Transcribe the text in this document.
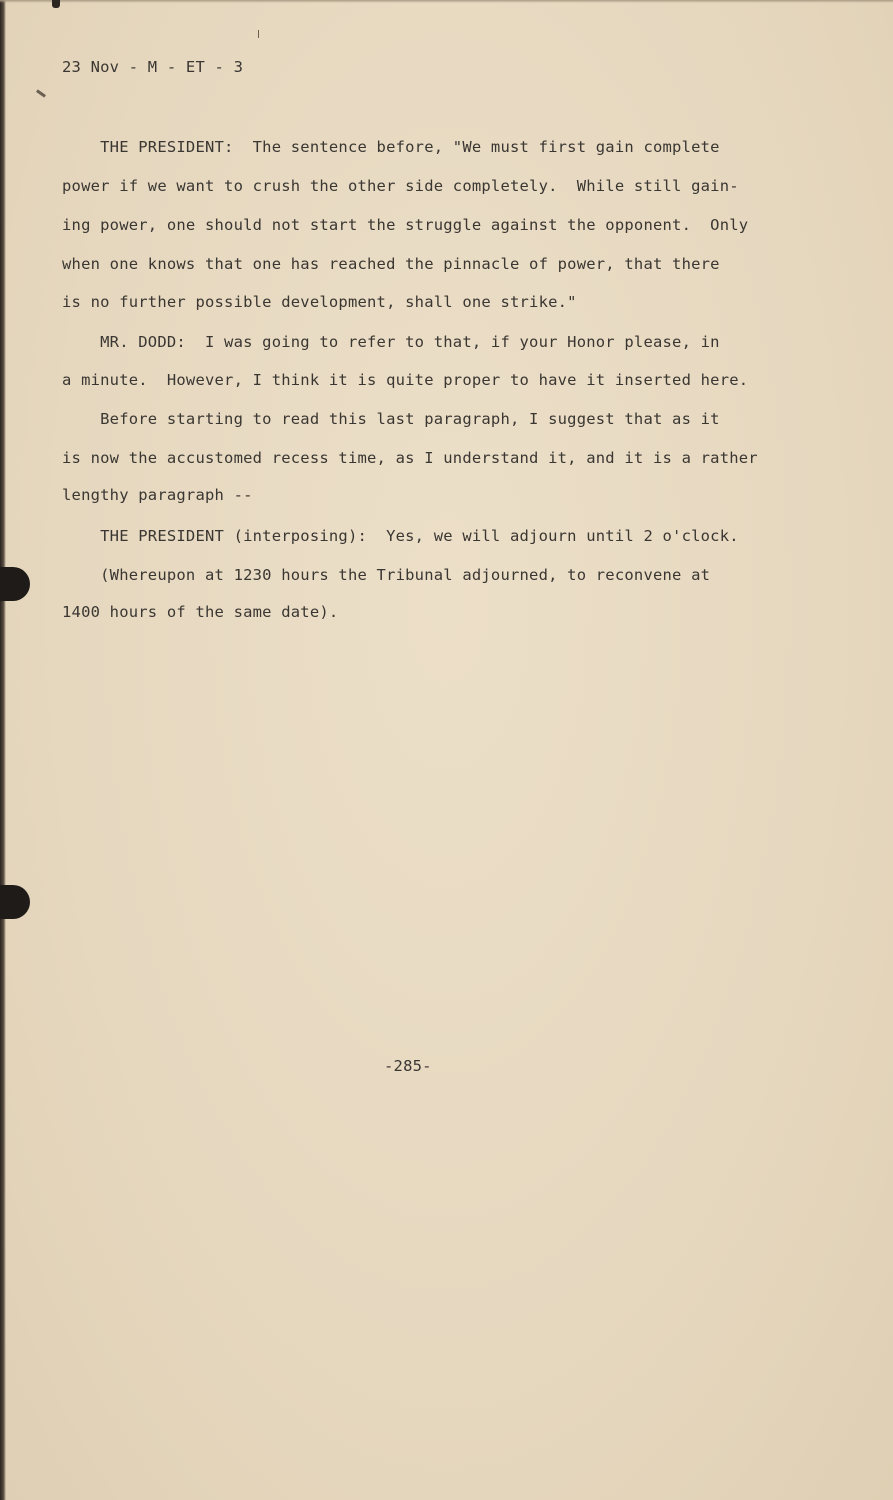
23 Nov - M - ET - 3
THE PRESIDENT:  The sentence before, "We must first gain complete
power if we want to crush the other side completely.  While still gain-
ing power, one should not start the struggle against the opponent.  Only
when one knows that one has reached the pinnacle of power, that there
is no further possible development, shall one strike."
MR. DODD:  I was going to refer to that, if your Honor please, in
a minute.  However, I think it is quite proper to have it inserted here.
Before starting to read this last paragraph, I suggest that as it
is now the accustomed recess time, as I understand it, and it is a rather
lengthy paragraph --
THE PRESIDENT (interposing):  Yes, we will adjourn until 2 o'clock.
(Whereupon at 1230 hours the Tribunal adjourned, to reconvene at
1400 hours of the same date).
-285-
